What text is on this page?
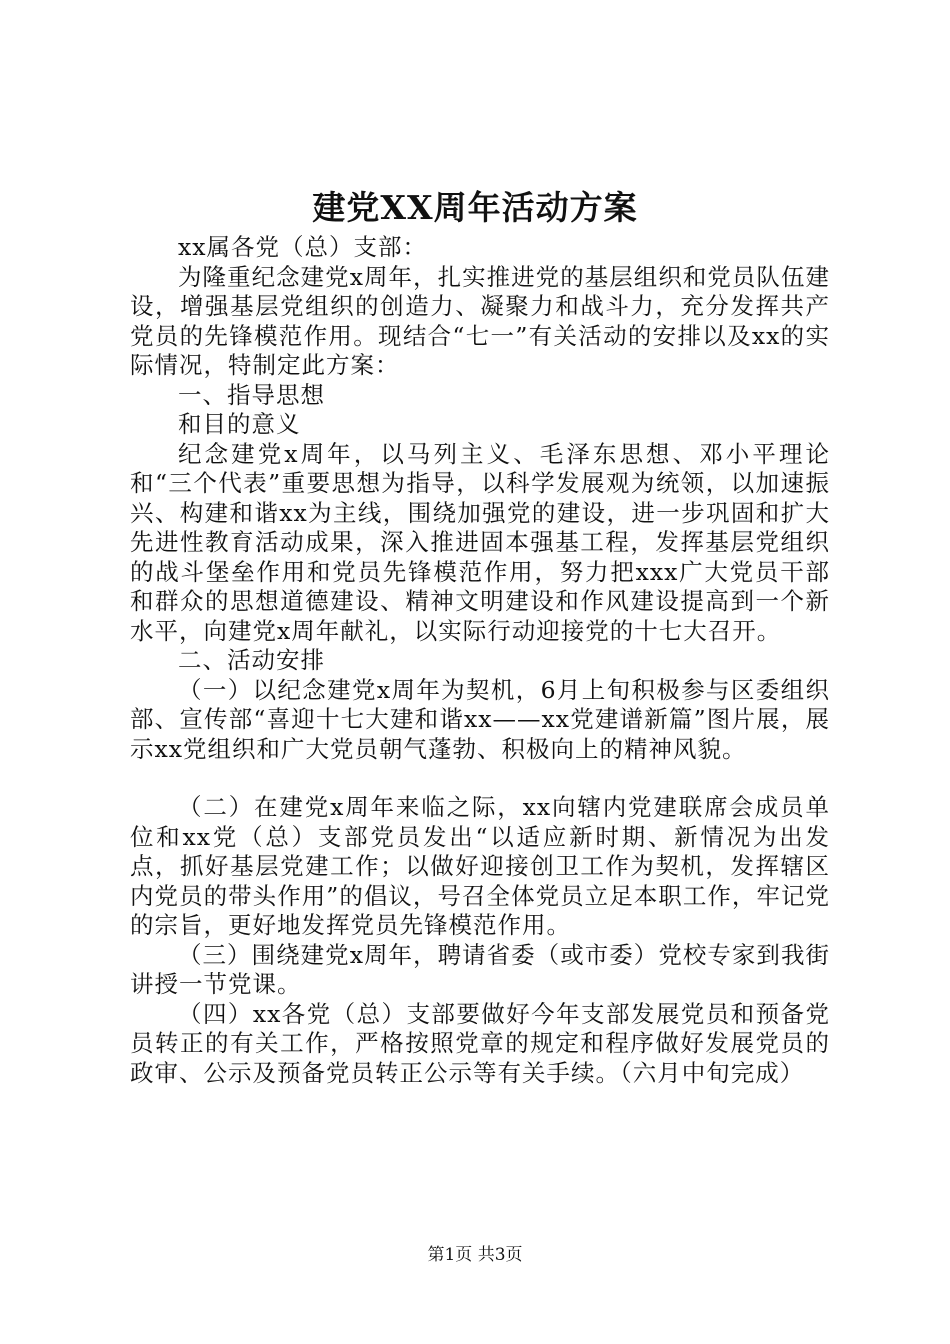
建党XX周年活动方案

xx属各党（总）支部：

为隆重纪念建党x周年，扎实推进党的基层组织和党员队伍建设，增强基层党组织的创造力、凝聚力和战斗力，充分发挥共产党员的先锋模范作用。现结合“七一”有关活动的安排以及xx的实际情况，特制定此方案：

一、指导思想

和目的意义

纪念建党x周年，以马列主义、毛泽东思想、邓小平理论和“三个代表”重要思想为指导，以科学发展观为统领，以加速振兴、构建和谐xx为主线，围绕加强党的建设，进一步巩固和扩大先进性教育活动成果，深入推进固本强基工程，发挥基层党组织的战斗堡垒作用和党员先锋模范作用，努力把xxx广大党员干部和群众的思想道德建设、精神文明建设和作风建设提高到一个新水平，向建党x周年献礼，以实际行动迎接党的十七大召开。

二、活动安排

（一）以纪念建党x周年为契机，6月上旬积极参与区委组织部、宣传部“喜迎十七大建和谐xx——xx党建谱新篇”图片展，展示xx党组织和广大党员朝气蓬勃、积极向上的精神风貌。

（二）在建党x周年来临之际，xx向辖内党建联席会成员单位和xx党（总）支部党员发出“以适应新时期、新情况为出发点，抓好基层党建工作；以做好迎接创卫工作为契机，发挥辖区内党员的带头作用”的倡议，号召全体党员立足本职工作，牢记党的宗旨，更好地发挥党员先锋模范作用。

（三）围绕建党x周年，聘请省委（或市委）党校专家到我街讲授一节党课。

（四）xx各党（总）支部要做好今年支部发展党员和预备党员转正的有关工作，严格按照党章的规定和程序做好发展党员的政审、公示及预备党员转正公示等有关手续。（六月中旬完成）

第1页 共3页
